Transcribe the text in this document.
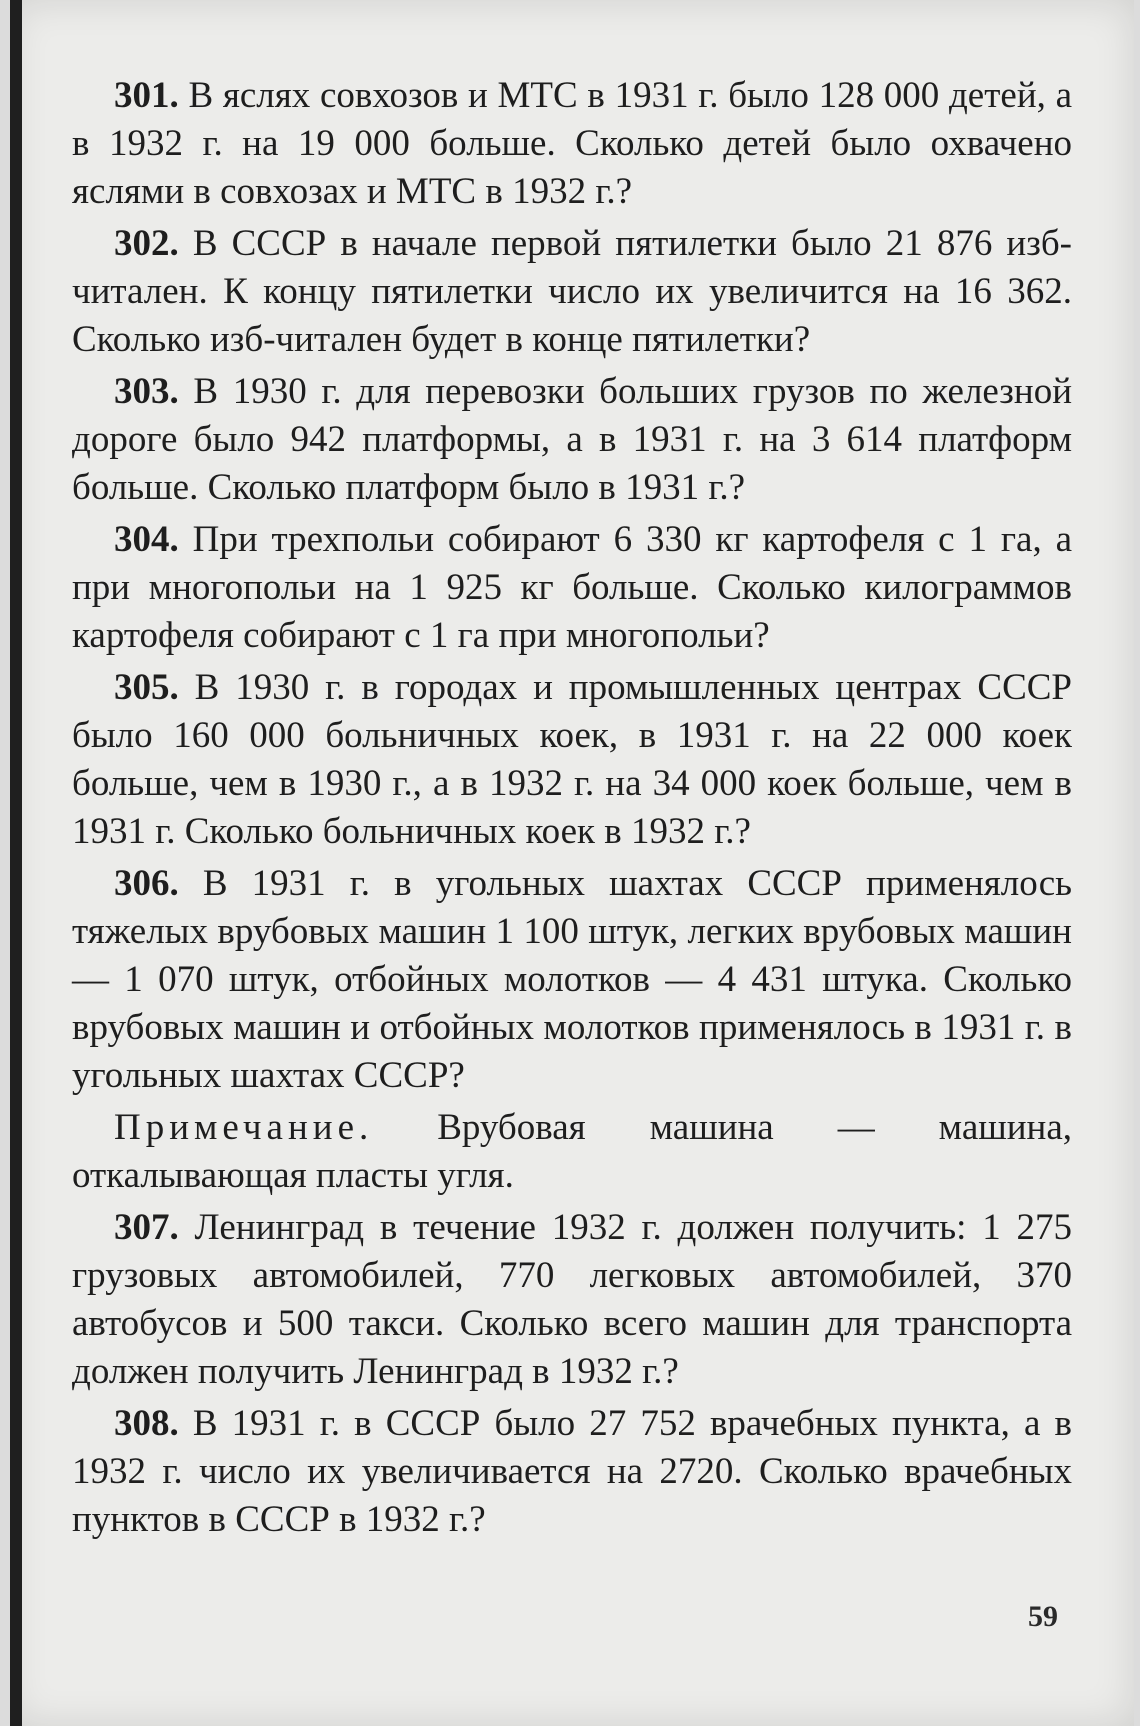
301. В яслях совхозов и МТС в 1931 г. было 128 000 детей, а в 1932 г. на 19 000 больше. Сколько детей было охвачено яслями в совхозах и МТС в 1932 г.?

302. В СССР в начале первой пятилетки было 21 876 изб-читален. К концу пятилетки число их увеличится на 16 362. Сколько изб-читален будет в конце пятилетки?

303. В 1930 г. для перевозки больших грузов по железной дороге было 942 платформы, а в 1931 г. на 3 614 платформ больше. Сколько платформ было в 1931 г.?

304. При трехпольи собирают 6 330 кг картофеля с 1 га, а при многопольи на 1 925 кг больше. Сколько килограммов картофеля собирают с 1 га при многопольи?

305. В 1930 г. в городах и промышленных центрах СССР было 160 000 больничных коек, в 1931 г. на 22 000 коек больше, чем в 1930 г., а в 1932 г. на 34 000 коек больше, чем в 1931 г. Сколько больничных коек в 1932 г.?

306. В 1931 г. в угольных шахтах СССР применялось тяжелых врубовых машин 1 100 штук, легких врубовых машин — 1 070 штук, отбойных молотков — 4 431 штука. Сколько врубовых машин и отбойных молотков применялось в 1931 г. в угольных шахтах СССР?

Примечание. Врубовая машина — машина, откалывающая пласты угля.

307. Ленинград в течение 1932 г. должен получить: 1 275 грузовых автомобилей, 770 легковых автомобилей, 370 автобусов и 500 такси. Сколько всего машин для транспорта должен получить Ленинград в 1932 г.?

308. В 1931 г. в СССР было 27 752 врачебных пункта, а в 1932 г. число их увеличивается на 2720. Сколько врачебных пунктов в СССР в 1932 г.?

59
